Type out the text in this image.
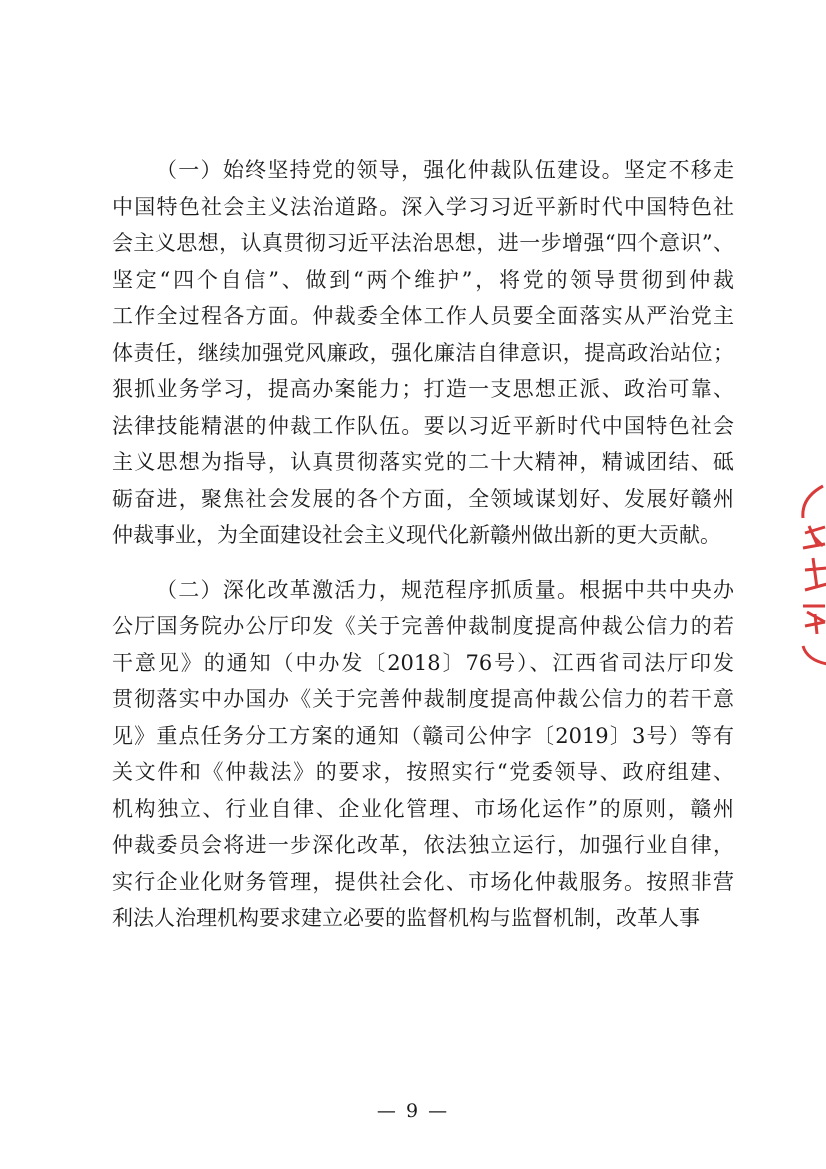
（一）始终坚持党的领导，强化仲裁队伍建设。坚定不移走
中国特色社会主义法治道路。深入学习习近平新时代中国特色社
会主义思想，认真贯彻习近平法治思想，进一步增强“四个意识”、
坚定“四个自信”、做到“两个维护”，将党的领导贯彻到仲裁
工作全过程各方面。仲裁委全体工作人员要全面落实从严治党主
体责任，继续加强党风廉政，强化廉洁自律意识，提高政治站位；
狠抓业务学习，提高办案能力；打造一支思想正派、政治可靠、
法律技能精湛的仲裁工作队伍。要以习近平新时代中国特色社会
主义思想为指导，认真贯彻落实党的二十大精神，精诚团结、砥
砺奋进，聚焦社会发展的各个方面，全领域谋划好、发展好赣州
仲裁事业，为全面建设社会主义现代化新赣州做出新的更大贡献。
（二）深化改革激活力，规范程序抓质量。根据中共中央办
公厅国务院办公厅印发《关于完善仲裁制度提高仲裁公信力的若
干意见》的通知（中办发〔2018〕76号）、江西省司法厅印发
贯彻落实中办国办《关于完善仲裁制度提高仲裁公信力的若干意
见》重点任务分工方案的通知（赣司公仲字〔2019〕3号）等有
关文件和《仲裁法》的要求，按照实行“党委领导、政府组建、
机构独立、行业自律、企业化管理、市场化运作”的原则，赣州
仲裁委员会将进一步深化改革，依法独立运行，加强行业自律，
实行企业化财务管理，提供社会化、市场化仲裁服务。按照非营
利法人治理机构要求建立必要的监督机构与监督机制，改革人事
— 9 —
